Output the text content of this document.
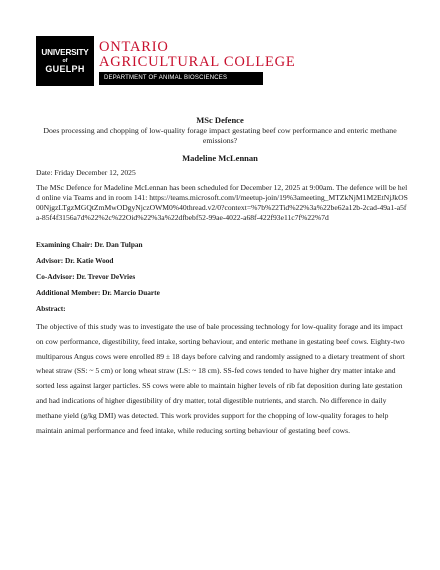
UNIVERSITY
of
GUELPH
ONTARIO
AGRICULTURAL COLLEGE
DEPARTMENT OF ANIMAL BIOSCIENCES
MSc Defence
Does processing and chopping of low-quality forage impact gestating beef cow performance and enteric methane emissions?
Madeline McLennan
Date: Friday December 12, 2025
The MSc Defence for Madeline McLennan has been scheduled for December 12, 2025 at 9:00am. The defence will be held online via Teams and in room 141: https://teams.microsoft.com/l/meetup-join/19%3ameeting_MTZkNjM1M2EtNjJkOS00NjgzLTgzMGQtZmMwODgyNjczOWM0%40thread.v2/0?context=%7b%22Tid%22%3a%22be62a12b-2cad-49a1-a5fa-85f4f3156a7d%22%2c%22Oid%22%3a%22dfbebf52-99ae-4022-a68f-422f93e11c7f%22%7d
Examining Chair: Dr. Dan Tulpan
Advisor: Dr. Katie Wood
Co-Advisor: Dr. Trevor DeVries
Additional Member: Dr. Marcio Duarte
Abstract:
The objective of this study was to investigate the use of bale processing technology for low-quality forage and its impact on cow performance, digestibility, feed intake, sorting behaviour, and enteric methane in gestating beef cows. Eighty-two multiparous Angus cows were enrolled 89 ± 18 days before calving and randomly assigned to a dietary treatment of short wheat straw (SS: ~ 5 cm) or long wheat straw (LS: ~ 18 cm). SS-fed cows tended to have higher dry matter intake and sorted less against larger particles. SS cows were able to maintain higher levels of rib fat deposition during late gestation and had indications of higher digestibility of dry matter, total digestible nutrients, and starch. No difference in daily methane yield (g/kg DMI) was detected. This work provides support for the chopping of low-quality forages to help maintain animal performance and feed intake, while reducing sorting behaviour of gestating beef cows.
